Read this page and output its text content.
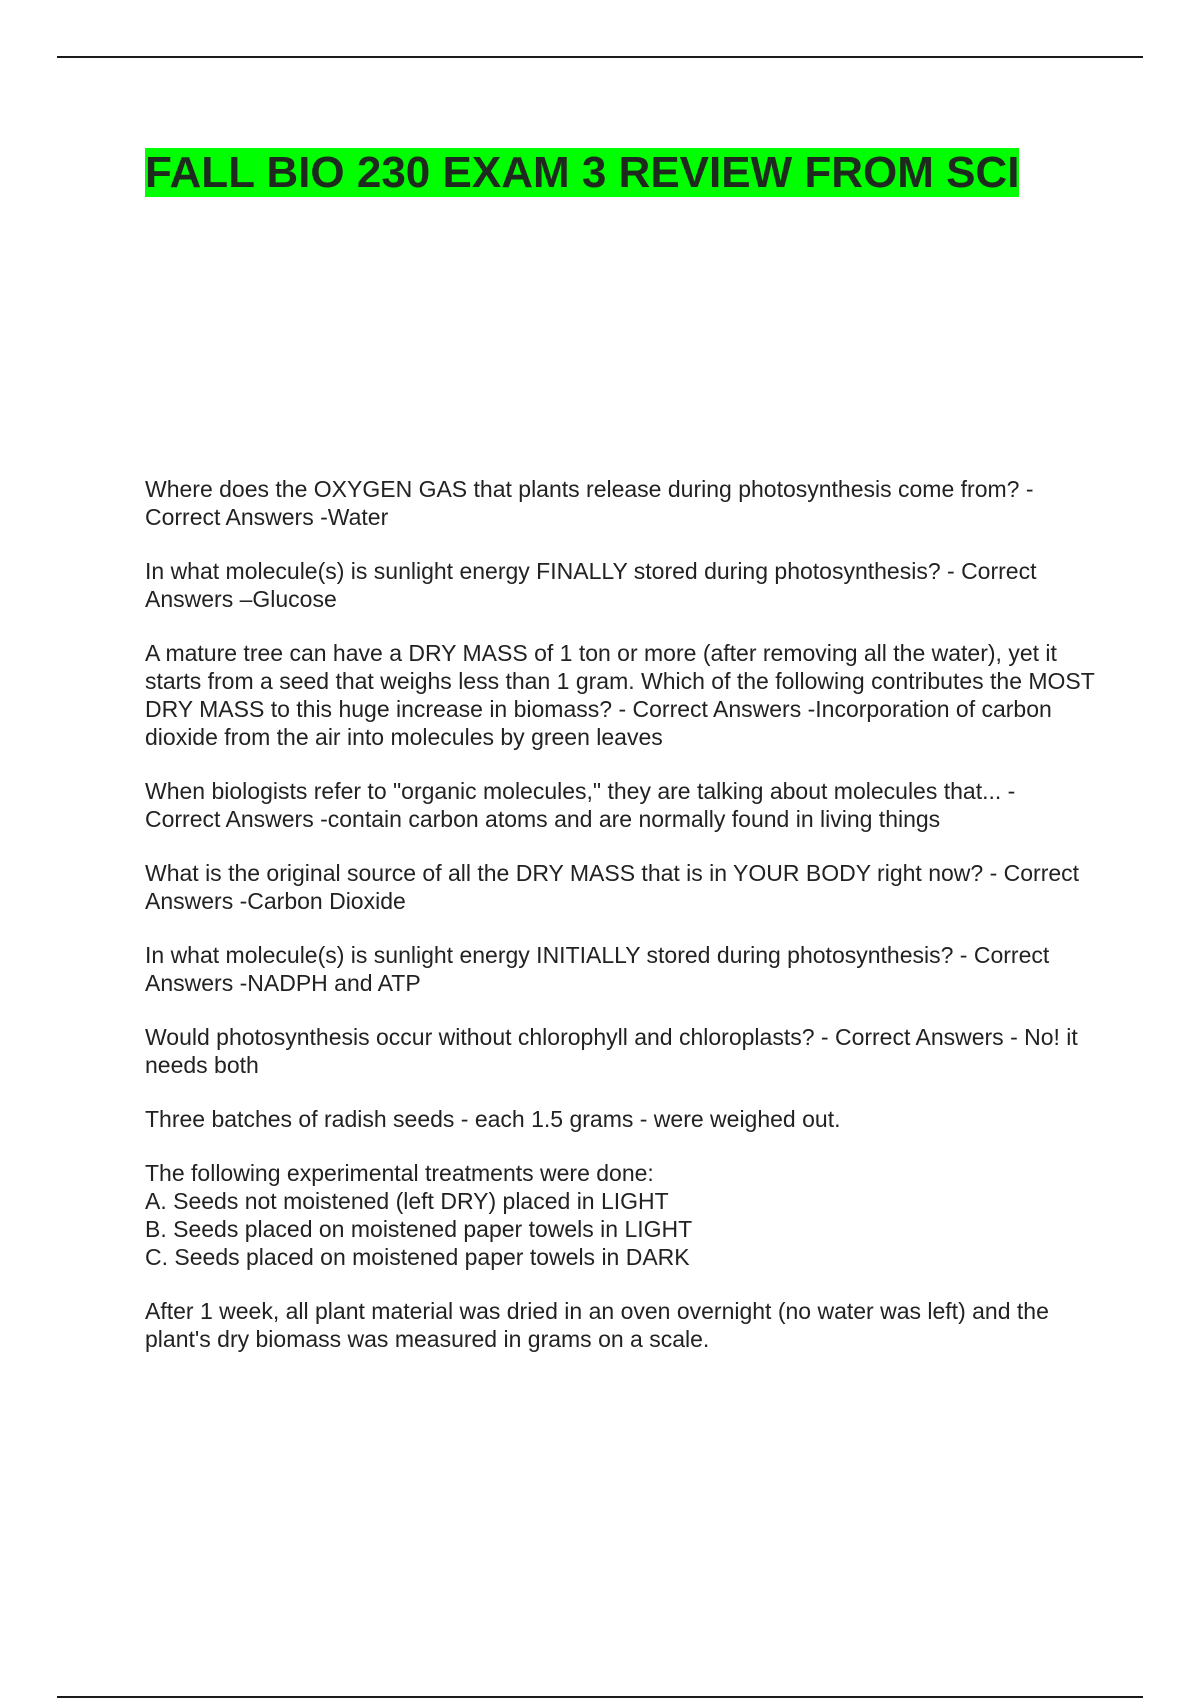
FALL BIO 230 EXAM 3 REVIEW FROM SCI

Where does the OXYGEN GAS that plants release during photosynthesis come from? - Correct Answers -Water

In what molecule(s) is sunlight energy FINALLY stored during photosynthesis? - Correct Answers –Glucose

A mature tree can have a DRY MASS of 1 ton or more (after removing all the water), yet it starts from a seed that weighs less than 1 gram. Which of the following contributes the MOST DRY MASS to this huge increase in biomass? - Correct Answers -Incorporation of carbon dioxide from the air into molecules by green leaves

When biologists refer to "organic molecules," they are talking about molecules that... - Correct Answers -contain carbon atoms and are normally found in living things

What is the original source of all the DRY MASS that is in YOUR BODY right now? - Correct Answers -Carbon Dioxide

In what molecule(s) is sunlight energy INITIALLY stored during photosynthesis? - Correct Answers -NADPH and ATP

Would photosynthesis occur without chlorophyll and chloroplasts? - Correct Answers - No! it needs both

Three batches of radish seeds - each 1.5 grams - were weighed out.

The following experimental treatments were done:
A. Seeds not moistened (left DRY) placed in LIGHT
B. Seeds placed on moistened paper towels in LIGHT
C. Seeds placed on moistened paper towels in DARK

After 1 week, all plant material was dried in an oven overnight (no water was left) and the plant's dry biomass was measured in grams on a scale.
